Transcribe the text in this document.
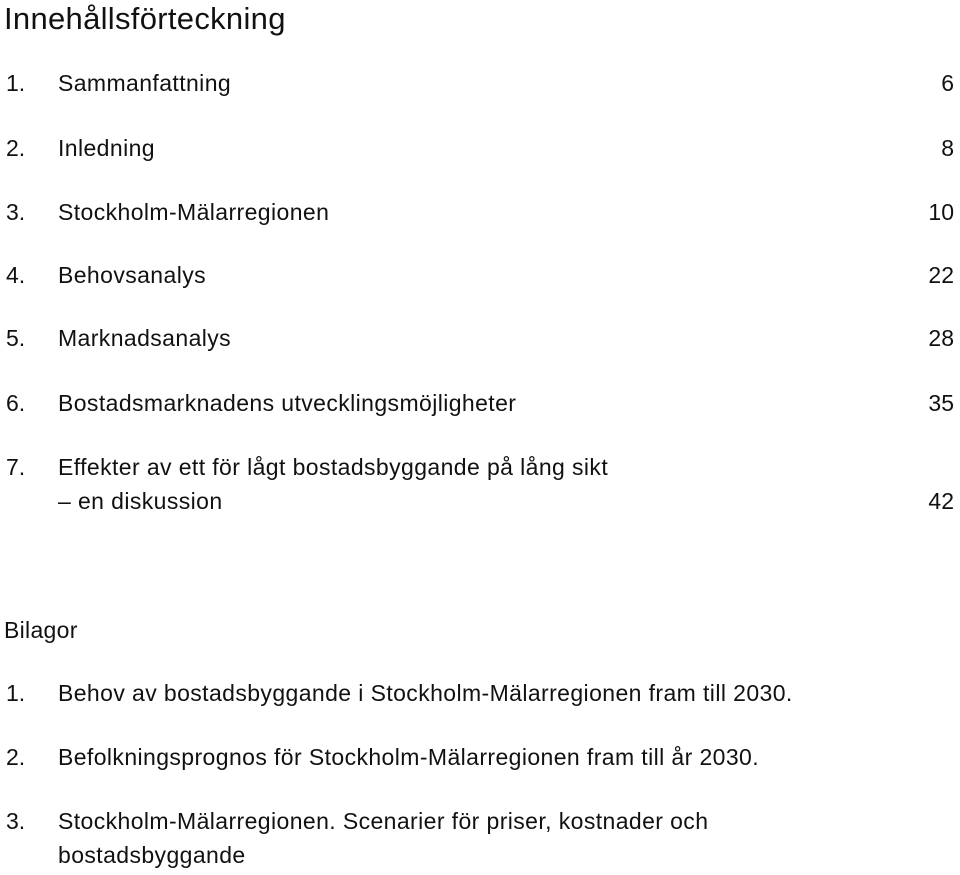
Innehållsförteckning
1. Sammanfattning	6
2. Inledning	8
3. Stockholm-Mälarregionen	10
4. Behovsanalys	22
5. Marknadsanalys	28
6. Bostadsmarknadens utvecklingsmöjligheter	35
7. Effekter av ett för lågt bostadsbyggande på lång sikt
– en diskussion	42
Bilagor
1. Behov av bostadsbyggande i Stockholm-Mälarregionen fram till 2030.
2. Befolkningsprognos för Stockholm-Mälarregionen fram till år 2030.
3. Stockholm-Mälarregionen. Scenarier för priser, kostnader och
bostadsbyggande
